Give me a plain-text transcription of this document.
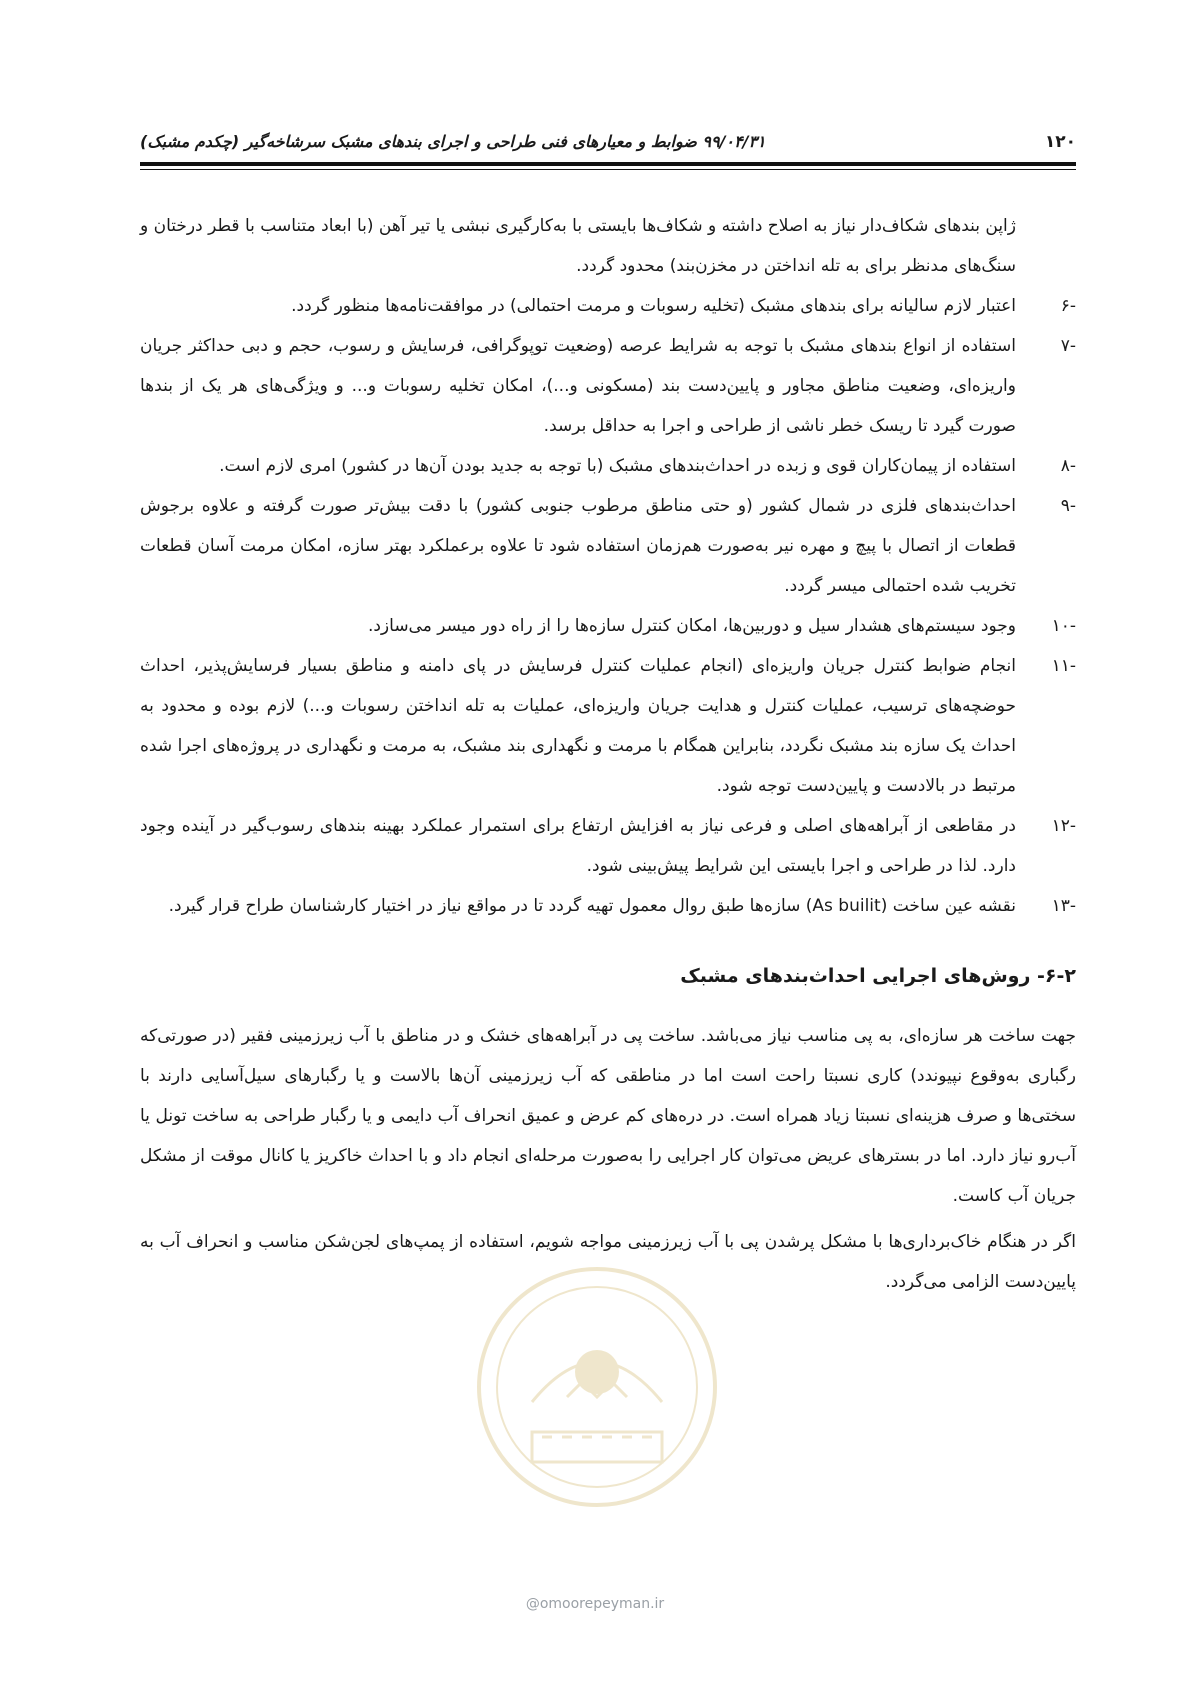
۱۲۰
۹۹/۰۴/۳۱ ضوابط و معیارهای فنی طراحی و اجرای بندهای مشبک سرشاخه‌گیر (چکدم مشبک)

ژاپن بندهای شکاف‌دار نیاز به اصلاح داشته و شکاف‌ها بایستی با به‌کارگیری نبشی یا تیر آهن (با ابعاد متناسب با قطر درختان و سنگ‌های مدنظر برای به تله انداختن در مخزن‌بند) محدود گردد.

-۶
اعتبار لازم سالیانه برای بندهای مشبک (تخلیه رسوبات و مرمت احتمالی) در موافقت‌نامه‌ها منظور گردد.
-۷
استفاده از انواع بندهای مشبک با توجه به شرایط عرصه (وضعیت توپوگرافی، فرسایش و رسوب، حجم و دبی حداکثر جریان واریزه‌ای، وضعیت مناطق مجاور و پایین‌دست بند (مسکونی و...)، امکان تخلیه رسوبات و... و ویژگی‌های هر یک از بندها صورت گیرد تا ریسک خطر ناشی از طراحی و اجرا به حداقل برسد.
-۸
استفاده از پیمان‌کاران قوی و زبده در احداث‌بندهای مشبک (با توجه به جدید بودن آن‌ها در کشور) امری لازم است.
-۹
احداث‌بندهای فلزی در شمال کشور (و حتی مناطق مرطوب جنوبی کشور) با دقت بیش‌تر صورت گرفته و علاوه برجوش قطعات از اتصال با پیچ و مهره نیر به‌صورت هم‌زمان استفاده شود تا علاوه برعملکرد بهتر سازه، امکان مرمت آسان قطعات تخریب شده احتمالی میسر گردد.
-۱۰
وجود سیستم‌های هشدار سیل و دوربین‌ها، امکان کنترل سازه‌ها را از راه دور میسر می‌سازد.
-۱۱
انجام ضوابط کنترل جریان واریزه‌ای (انجام عملیات کنترل فرسایش در پای دامنه و مناطق بسیار فرسایش‌پذیر، احداث حوضچه‌های ترسیب، عملیات کنترل و هدایت جریان واریزه‌ای، عملیات به تله انداختن رسوبات و...) لازم بوده و محدود به احداث یک سازه بند مشبک نگردد، بنابراین همگام با مرمت و نگهداری بند مشبک، به مرمت و نگهداری در پروژه‌های اجرا شده مرتبط در بالادست و پایین‌دست توجه شود.
-۱۲
در مقاطعی از آبراهه‌های اصلی و فرعی نیاز به افزایش ارتفاع برای استمرار عملکرد بهینه بندهای رسوب‌گیر در آینده وجود دارد. لذا در طراحی و اجرا بایستی این شرایط پیش‌بینی شود.
-۱۳
نقشه عین ساخت (As builit) سازه‌ها طبق روال معمول تهیه گردد تا در مواقع نیاز در اختیار کارشناسان طراح قرار گیرد.
۶-۲- روش‌های اجرایی احداث‌بندهای مشبک

جهت ساخت هر سازه‌ای، به پی مناسب نیاز می‌باشد. ساخت پی در آبراهه‌های خشک و در مناطق با آب زیرزمینی فقیر (در صورتی‌که رگباری به‌وقوع نپیوندد) کاری نسبتا راحت است اما در مناطقی که آب زیرزمینی آن‌ها بالاست و یا رگبارهای سیل‌آسایی دارند با سختی‌ها و صرف هزینه‌ای نسبتا زیاد همراه است. در دره‌های کم عرض و عمیق انحراف آب دایمی و یا رگبار طراحی به ساخت تونل یا آب‌رو نیاز دارد. اما در بسترهای عریض می‌توان کار اجرایی را به‌صورت مرحله‌ای انجام داد و با احداث خاکریز یا کانال موقت از مشکل جریان آب کاست.

اگر در هنگام خاک‌برداری‌ها با مشکل پرشدن پی با آب زیرزمینی مواجه شویم، استفاده از پمپ‌های لجن‌شکن مناسب و انحراف آب به پایین‌دست الزامی می‌گردد.

@omoorepeyman.ir
